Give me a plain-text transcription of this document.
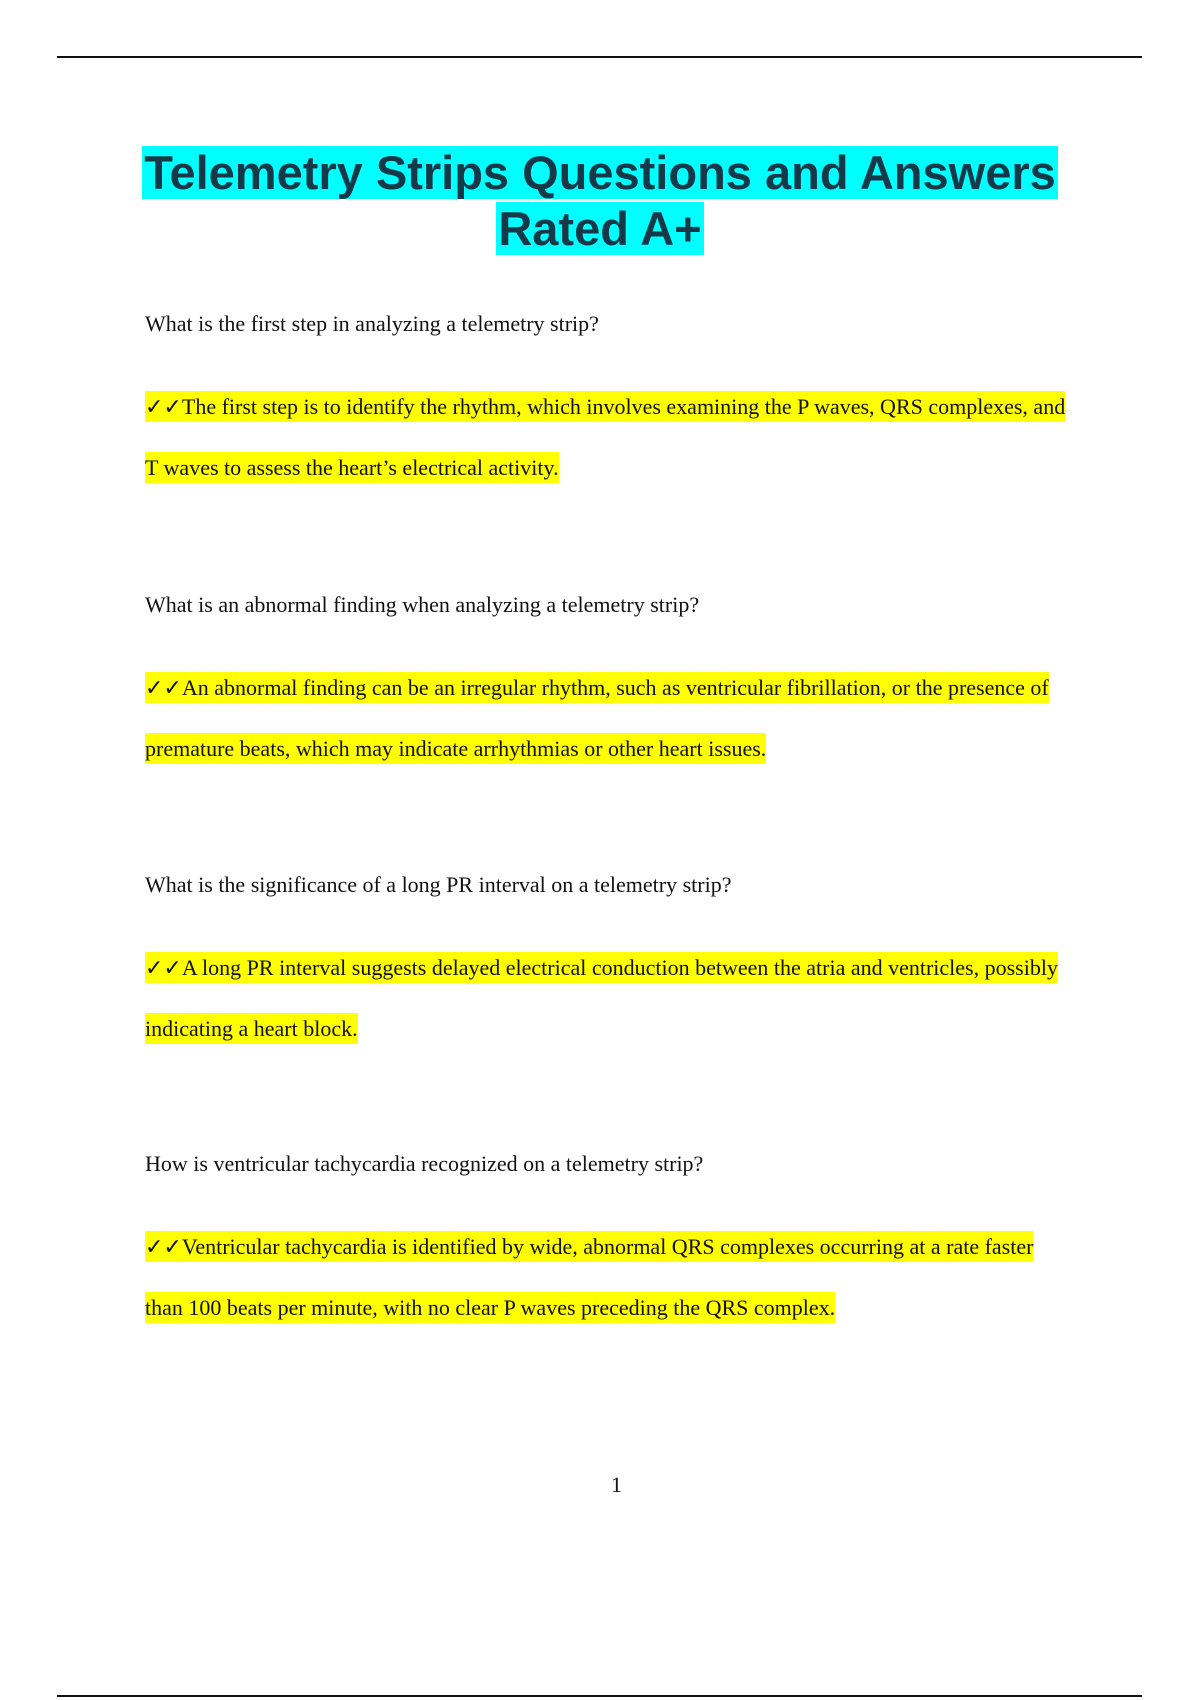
Telemetry Strips Questions and Answers Rated A+

What is the first step in analyzing a telemetry strip?

✓✓The first step is to identify the rhythm, which involves examining the P waves, QRS complexes, and T waves to assess the heart’s electrical activity.

What is an abnormal finding when analyzing a telemetry strip?

✓✓An abnormal finding can be an irregular rhythm, such as ventricular fibrillation, or the presence of premature beats, which may indicate arrhythmias or other heart issues.

What is the significance of a long PR interval on a telemetry strip?

✓✓A long PR interval suggests delayed electrical conduction between the atria and ventricles, possibly indicating a heart block.

How is ventricular tachycardia recognized on a telemetry strip?

✓✓Ventricular tachycardia is identified by wide, abnormal QRS complexes occurring at a rate faster than 100 beats per minute, with no clear P waves preceding the QRS complex.

1
